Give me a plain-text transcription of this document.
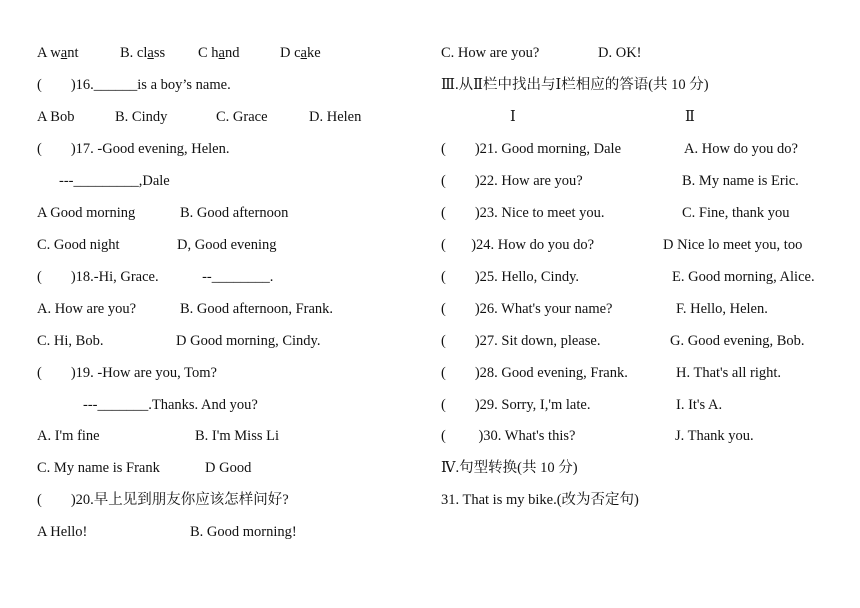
A want	B. class C hand	D cake
(        )16.______is a boy’s name.
A Bob	B. Cindy	C. Grace	D. Helen
(        )17. -Good evening, Helen.
---_________,Dale
A Good morning	B. Good afternoon
C. Good night	D, Good evening
(        )18.-Hi, Grace.            --________.
A. How are you?	B. Good afternoon, Frank.
C. Hi, Bob.	D Good morning, Cindy.
(        )19. -How are you, Tom?
---_______.Thanks. And you?
A. I'm fine	B. I'm Miss Li
C. My name is Frank	D Good
(        )20.早上见到朋友你应该怎样问好?
A Hello!	B. Good morning!
C. How are you?	D. OK!
Ⅲ.从Ⅱ栏中找出与Ⅰ栏相应的答语(共 10 分)
Ⅰ	Ⅱ
(        )21. Good morning, Dale	A. How do you do?
(        )22. How are you?	B. My name is Eric.
(        )23. Nice to meet you.	C. Fine, thank you
(       )24. How do you do?	D Nice lo meet you, too
(        )25. Hello, Cindy.	E. Good morning, Alice.
(        )26. What's your name?	F. Hello, Helen.
(        )27. Sit down, please.	G. Good evening, Bob.
(        )28. Good evening, Frank.	H. That's all right.
(        )29. Sorry, I,'m late.	I. It's A.
(         )30. What's this?	J. Thank you.
Ⅳ.句型转换(共 10 分)
31. That is my bike.(改为否定句)
